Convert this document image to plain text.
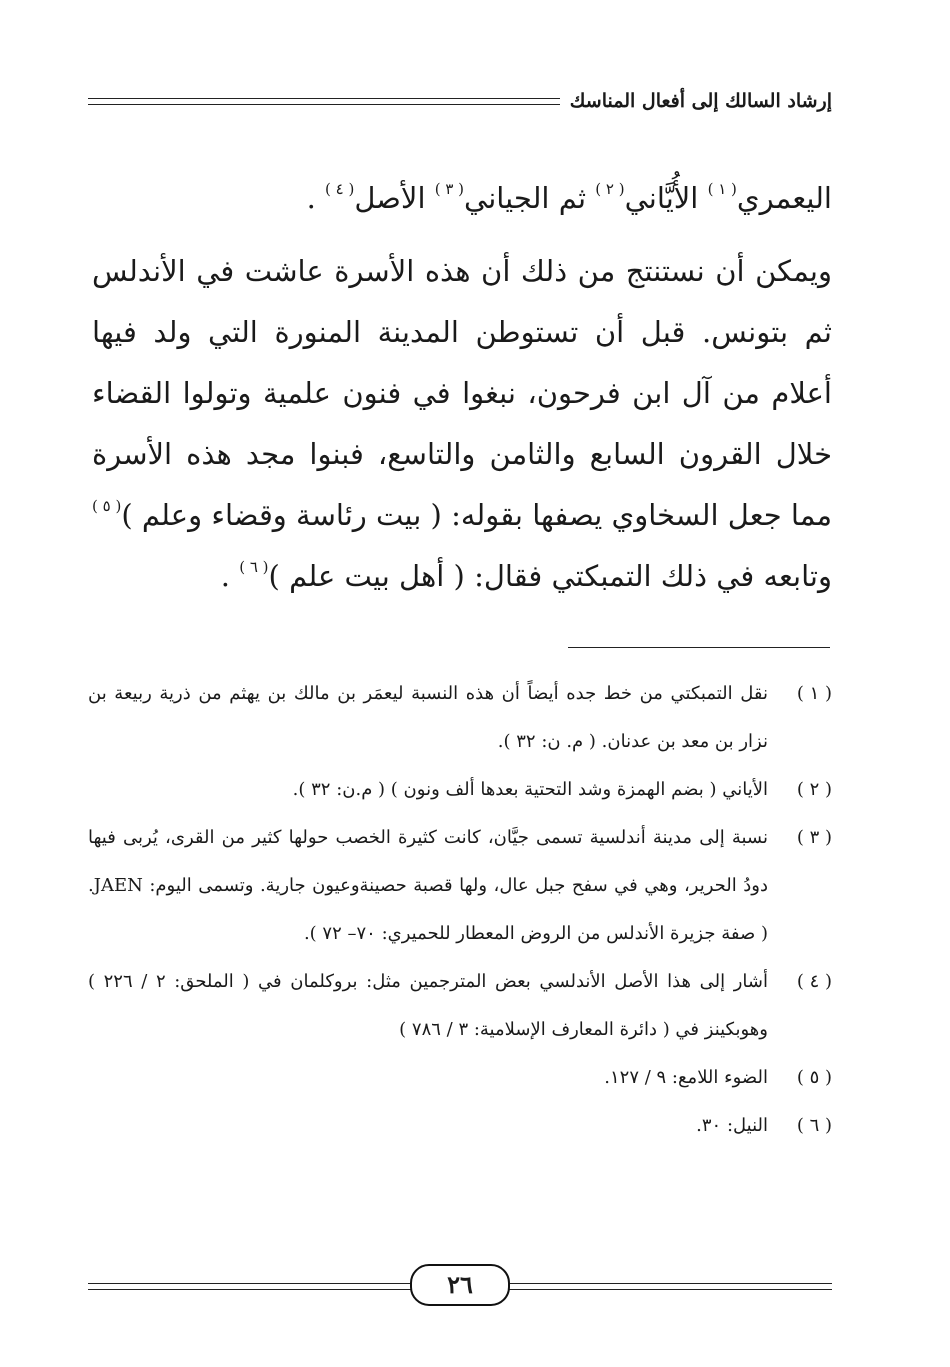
إرشاد السالك إلى أفعال المناسك

اليعمري$^{( ١ )}$ الأُيَّاني$^{( ٢ )}$ ثم الجياني$^{( ٣ )}$ الأصل$^{( ٤ )}$ .

ويمكن أن نستنتج من ذلك أن هذه الأسرة عاشت في الأندلس ثم بتونس. قبل أن تستوطن المدينة المنورة التي ولد فيها أعلام من آل ابن فرحون، نبغوا في فنون علمية وتولوا القضاء خلال القرون السابع والثامن والتاسع، فبنوا مجد هذه الأسرة مما جعل السخاوي يصفها بقوله: ( بيت رئاسة وقضاء وعلم )$^{( ٥ )}$ وتابعه في ذلك التمبكتي فقال: ( أهل بيت علم )$^{( ٦ )}$ .

( ١ )
نقل التمبكتي من خط جده أيضاً أن هذه النسبة ليعمَر بن مالك بن يهثم من ذرية ربيعة بن نزار بن معد بن عدنان. ( م. ن: ٣٢ ).
( ٢ )
الأياني ( بضم الهمزة وشد التحتية بعدها ألف ونون ) ( م.ن: ٣٢ ).
( ٣ )
نسبة إلى مدينة أندلسية تسمى جيَّان، كانت كثيرة الخصب حولها كثير من القرى، يُربى فيها دودُ الحرير، وهي في سفح جبل عال، ولها قصبة حصينةوعيون جارية. وتسمى اليوم: JAEN. ( صفة جزيرة الأندلس من الروض المعطار للحميري: ٧٠– ٧٢ ).
( ٤ )
أشار إلى هذا الأصل الأندلسي بعض المترجمين مثل: بروكلمان في ( الملحق: ٢ / ٢٢٦ ) وهوبكينز في ( دائرة المعارف الإسلامية: ٣ / ٧٨٦ )
( ٥ )
الضوء اللامع: ٩ / ١٢٧.
( ٦ )
النيل: ٣٠.
٢٦
